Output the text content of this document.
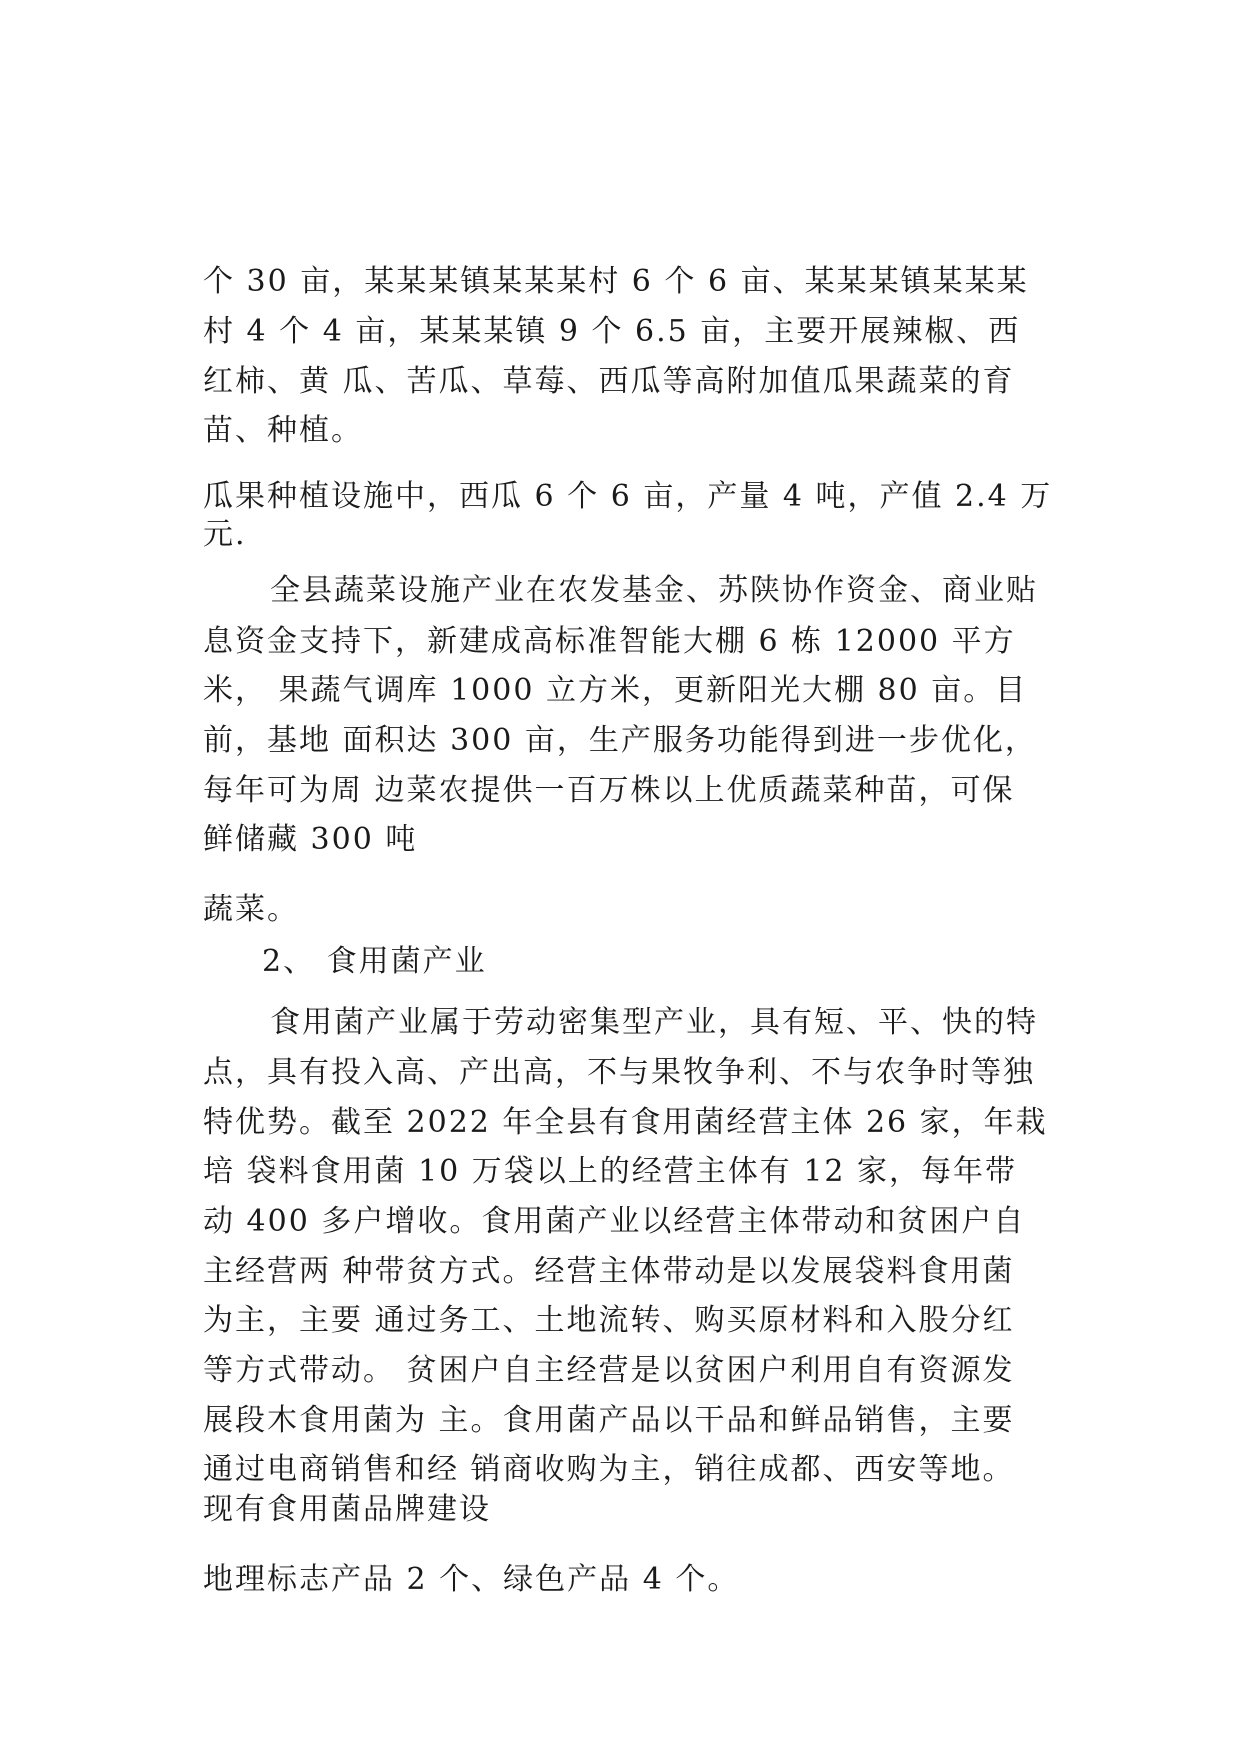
个 30 亩，某某某镇某某某村 6 个 6 亩、某某某镇某某某
村 4 个 4 亩，某某某镇 9 个 6.5 亩，主要开展辣椒、西
红柿、黄 瓜、苦瓜、草莓、西瓜等高附加值瓜果蔬菜的育
苗、种植。
瓜果种植设施中，西瓜 6 个 6 亩，产量 4 吨，产值 2.4 万
元.
全县蔬菜设施产业在农发基金、苏陕协作资金、商业贴
息资金支持下，新建成高标准智能大棚 6 栋 12000 平方
米， 果蔬气调库 1000 立方米，更新阳光大棚 80 亩。目
前，基地 面积达 300 亩，生产服务功能得到进一步优化，
每年可为周 边菜农提供一百万株以上优质蔬菜种苗，可保
鲜储藏 300 吨
蔬菜。
2、 食用菌产业
食用菌产业属于劳动密集型产业，具有短、平、快的特
点，具有投入高、产出高，不与果牧争利、不与农争时等独
特优势。截至 2022 年全县有食用菌经营主体 26 家，年栽
培 袋料食用菌 10 万袋以上的经营主体有 12 家，每年带
动 400 多户增收。食用菌产业以经营主体带动和贫困户自
主经营两 种带贫方式。经营主体带动是以发展袋料食用菌
为主，主要 通过务工、土地流转、购买原材料和入股分红
等方式带动。 贫困户自主经营是以贫困户利用自有资源发
展段木食用菌为 主。食用菌产品以干品和鲜品销售，主要
通过电商销售和经 销商收购为主，销往成都、西安等地。
现有食用菌品牌建设
地理标志产品 2 个、绿色产品 4 个。
